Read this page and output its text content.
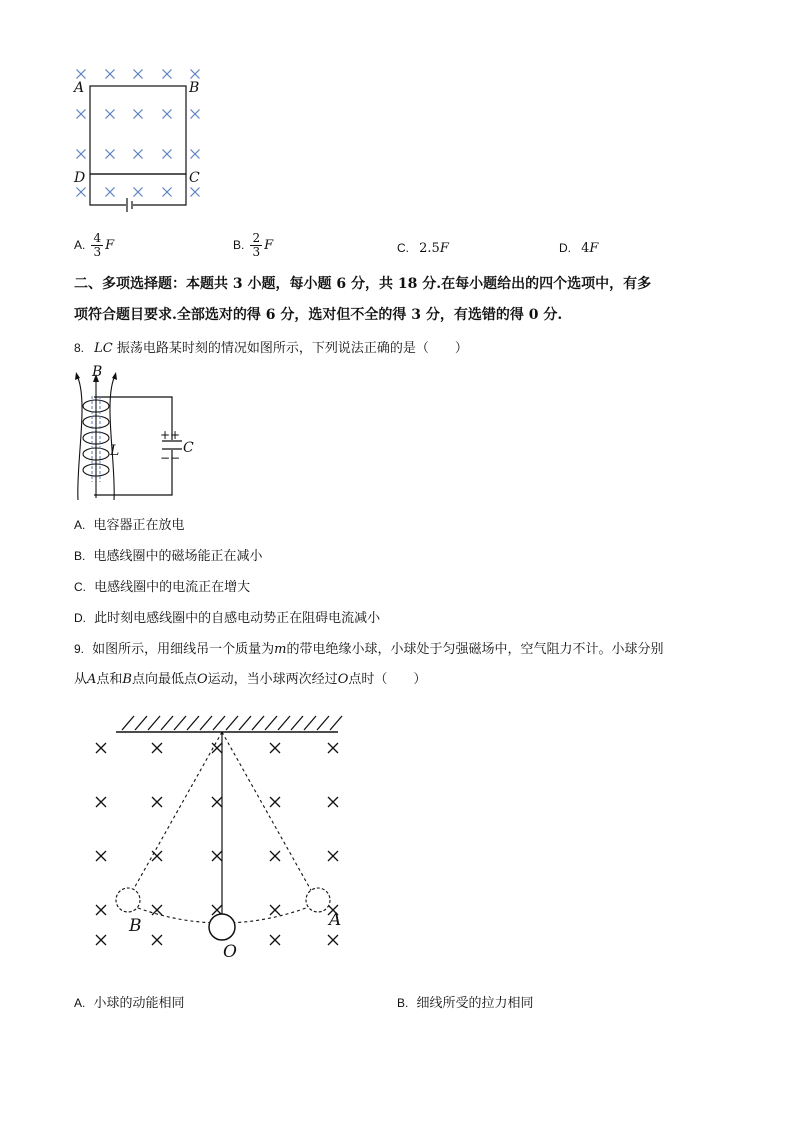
A	B
D	C
A. $\frac{4}{3}$ F	B. $\frac{2}{3}$ F	C. 2.5F	D. 4F
二、多项选择题：本题共 3 小题，每小题 6 分，共 18 分.在每小题给出的四个选项中，有多
项符合题目要求.全部选对的得 6 分，选对但不全的得 3 分，有选错的得 0 分.
8. LC 振荡电路某时刻的情况如图所示，下列说法正确的是（　　）
B
L	C
++
−−
A. 电容器正在放电
B. 电感线圈中的磁场能正在减小
C. 电感线圈中的电流正在增大
D. 此时刻电感线圈中的自感电动势正在阻碍电流减小
9. 如图所示，用细线吊一个质量为m的带电绝缘小球，小球处于匀强磁场中，空气阻力不计。小球分别
从A点和B点向最低点O运动，当小球两次经过O点时（　　）
B	A
O
A. 小球的动能相同	B. 细线所受的拉力相同
